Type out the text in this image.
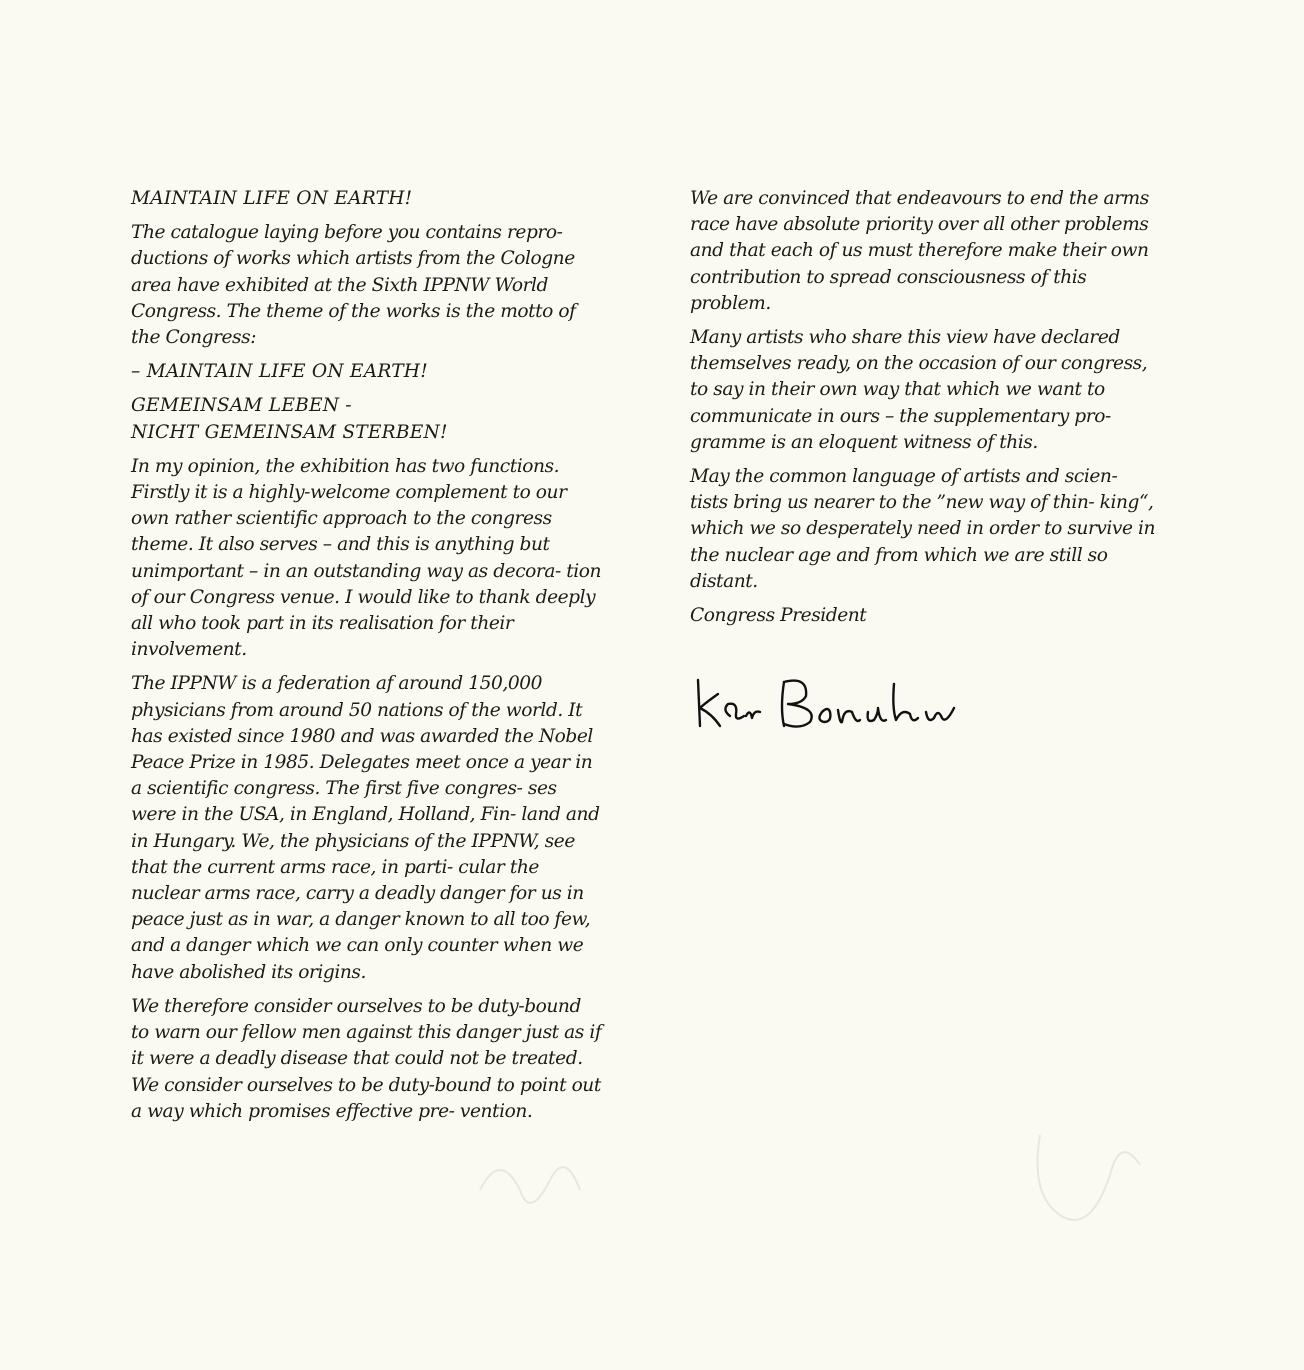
MAINTAIN LIFE ON EARTH!

The catalogue laying before you contains repro- ductions of works which artists from the Cologne area have exhibited at the Sixth IPPNW World Congress. The theme of the works is the motto of the Congress:

– MAINTAIN LIFE ON EARTH!

GEMEINSAM LEBEN -
NICHT GEMEINSAM STERBEN!

In my opinion, the exhibition has two functions. Firstly it is a highly-welcome complement to our own rather scientific approach to the congress theme. It also serves – and this is anything but unimportant – in an outstanding way as decora- tion of our Congress venue. I would like to thank deeply all who took part in its realisation for their involvement.

The IPPNW is a federation af around 150,000 physicians from around 50 nations of the world. It has existed since 1980 and was awarded the Nobel Peace Prize in 1985. Delegates meet once a year in a scientific congress. The first five congres- ses were in the USA, in England, Holland, Fin- land and in Hungary. We, the physicians of the IPPNW, see that the current arms race, in parti- cular the nuclear arms race, carry a deadly danger for us in peace just as in war, a danger known to all too few, and a danger which we can only counter when we have abolished its origins.

We therefore consider ourselves to be duty-bound to warn our fellow men against this danger just as if it were a deadly disease that could not be treated. We consider ourselves to be duty-bound to point out a way which promises effective pre- vention.

We are convinced that endeavours to end the arms race have absolute priority over all other problems and that each of us must therefore make their own contribution to spread consciousness of this problem.

Many artists who share this view have declared themselves ready, on the occasion of our congress, to say in their own way that which we want to communicate in ours – the supplementary pro- gramme is an eloquent witness of this.

May the common language of artists and scien- tists bring us nearer to the ”new way of thin- king“, which we so desperately need in order to survive in the nuclear age and from which we are still so distant.

Congress President
